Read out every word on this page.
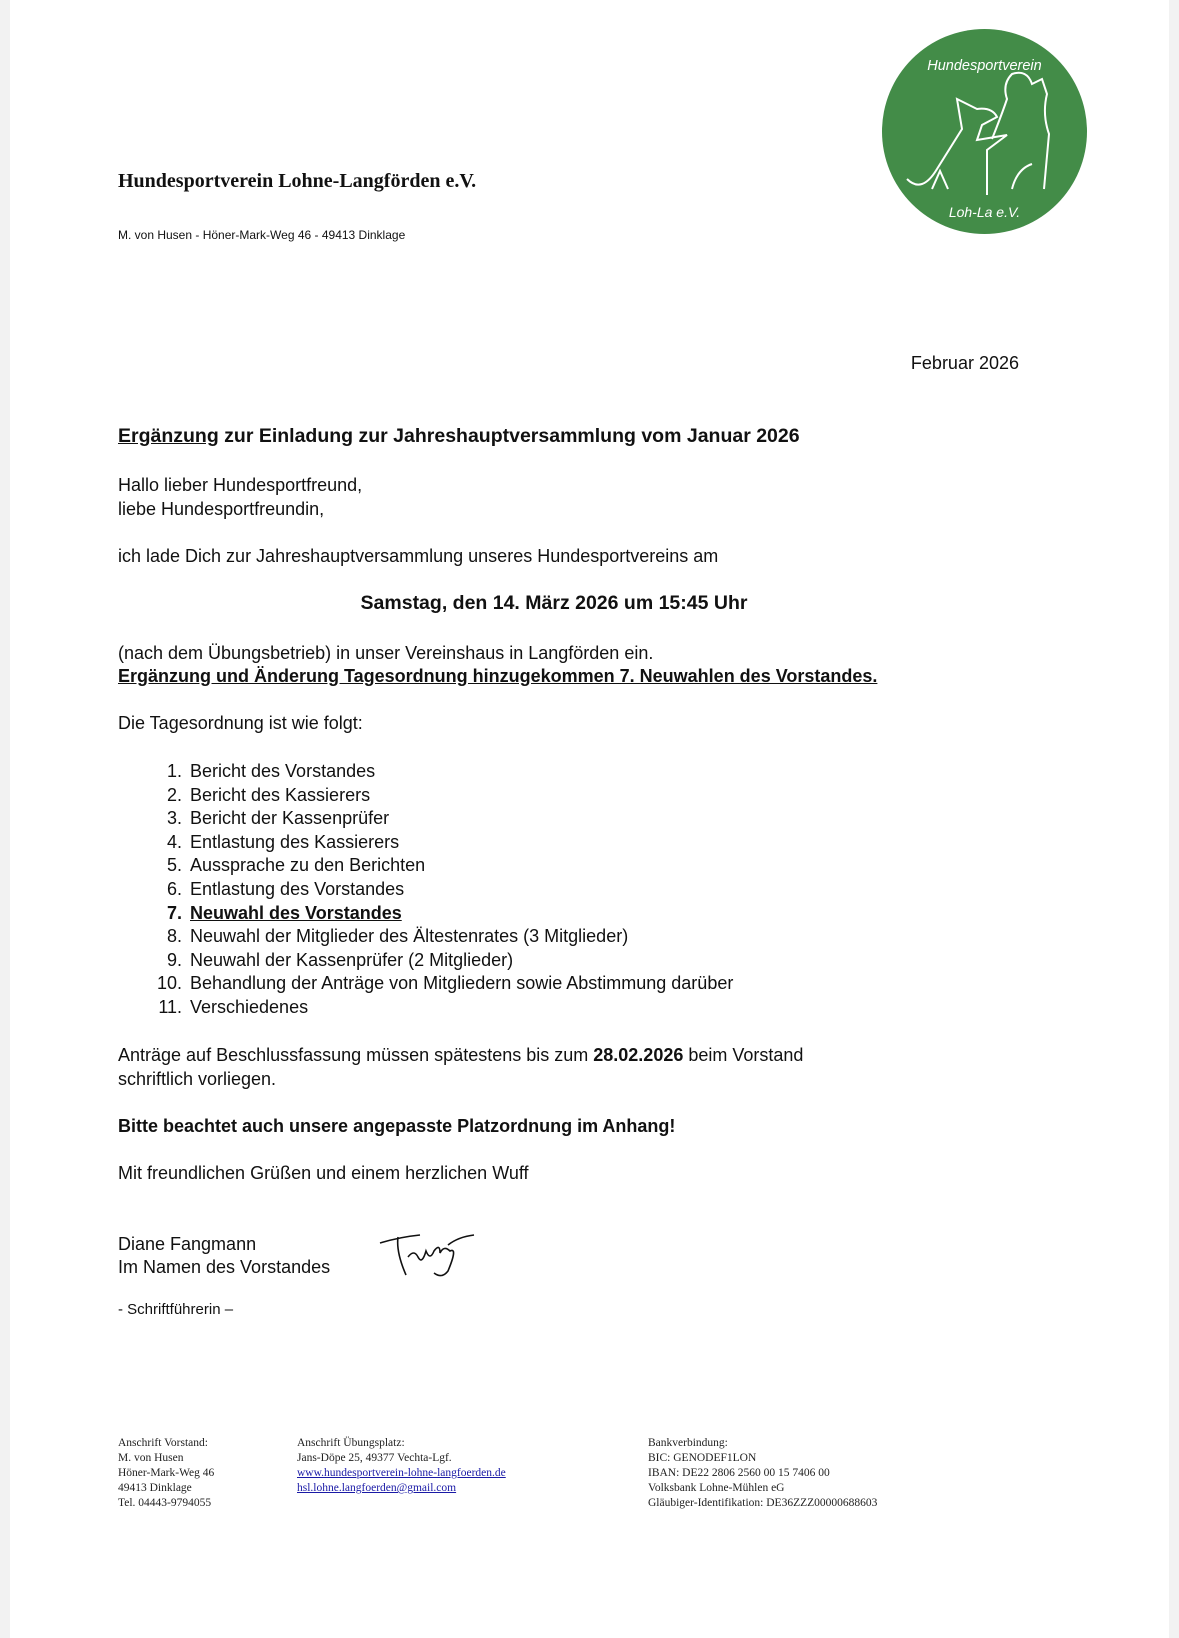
Hundesportverein Lohne-Langförden e.V.
M. von Husen - Höner-Mark-Weg 46 - 49413 Dinklage
Hundesportverein
Loh-La e.V.
Februar 2026
Ergänzung zur Einladung zur Jahreshauptversammlung vom Januar 2026
Hallo lieber Hundesportfreund,
liebe Hundesportfreundin,
ich lade Dich zur Jahreshauptversammlung unseres Hundesportvereins am
Samstag, den 14. März 2026 um 15:45 Uhr
(nach dem Übungsbetrieb) in unser Vereinshaus in Langförden ein.
Ergänzung und Änderung Tagesordnung hinzugekommen 7. Neuwahlen des Vorstandes.
Die Tagesordnung ist wie folgt:
1. Bericht des Vorstandes
2. Bericht des Kassierers
3. Bericht der Kassenprüfer
4. Entlastung des Kassierers
5. Aussprache zu den Berichten
6. Entlastung des Vorstandes
7. Neuwahl des Vorstandes
8. Neuwahl der Mitglieder des Ältestenrates (3 Mitglieder)
9. Neuwahl der Kassenprüfer (2 Mitglieder)
10. Behandlung der Anträge von Mitgliedern sowie Abstimmung darüber
11. Verschiedenes
Anträge auf Beschlussfassung müssen spätestens bis zum 28.02.2026 beim Vorstand
schriftlich vorliegen.
Bitte beachtet auch unsere angepasste Platzordnung im Anhang!
Mit freundlichen Grüßen und einem herzlichen Wuff
Diane Fangmann
Im Namen des Vorstandes
- Schriftführerin –
Anschrift Vorstand:
M. von Husen
Höner-Mark-Weg 46
49413 Dinklage
Tel. 04443-9794055
Anschrift Übungsplatz:
Jans-Döpe 25, 49377 Vechta-Lgf.
www.hundesportverein-lohne-langfoerden.de
hsl.lohne.langfoerden@gmail.com
Bankverbindung:
BIC: GENODEF1LON
IBAN: DE22 2806 2560 00 15 7406 00
Volksbank Lohne-Mühlen eG
Gläubiger-Identifikation: DE36ZZZ00000688603
